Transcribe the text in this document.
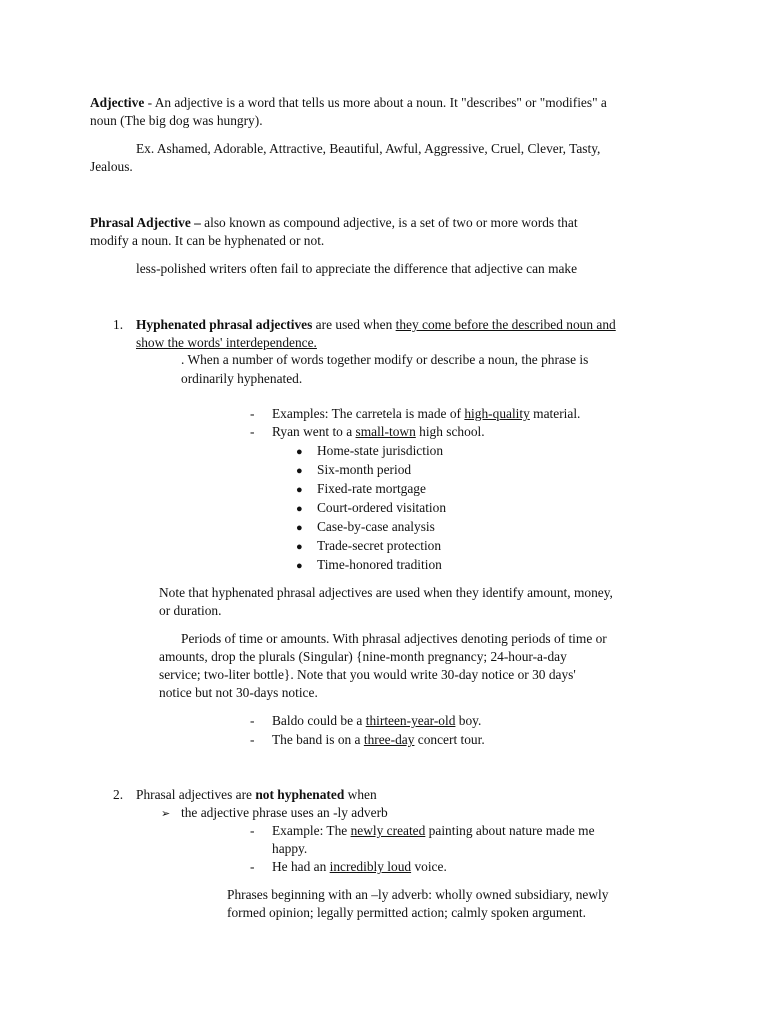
Adjective - An adjective is a word that tells us more about a noun. It "describes" or "modifies" a
noun (The big dog was hungry).
Ex. Ashamed, Adorable, Attractive, Beautiful, Awful, Aggressive, Cruel, Clever, Tasty,
Jealous.
Phrasal Adjective – also known as compound adjective, is a set of two or more words that
modify a noun. It can be hyphenated or not.
less-polished writers often fail to appreciate the difference that adjective can make
1. Hyphenated phrasal adjectives are used when they come before the described noun and
show the words' interdependence.
. When a number of words together modify or describe a noun, the phrase is
ordinarily hyphenated.
- Examples: The carretela is made of high-quality material.
- Ryan went to a small-town high school.
● Home-state jurisdiction
● Six-month period
● Fixed-rate mortgage
● Court-ordered visitation
● Case-by-case analysis
● Trade-secret protection
● Time-honored tradition
Note that hyphenated phrasal adjectives are used when they identify amount, money,
or duration.
Periods of time or amounts. With phrasal adjectives denoting periods of time or
amounts, drop the plurals (Singular) {nine-month pregnancy; 24-hour-a-day
service; two-liter bottle}. Note that you would write 30-day notice or 30 days'
notice but not 30-days notice.
- Baldo could be a thirteen-year-old boy.
- The band is on a three-day concert tour.
2. Phrasal adjectives are not hyphenated when
➢ the adjective phrase uses an -ly adverb
- Example: The newly created painting about nature made me
happy.
- He had an incredibly loud voice.
Phrases beginning with an –ly adverb: wholly owned subsidiary, newly
formed opinion; legally permitted action; calmly spoken argument.
